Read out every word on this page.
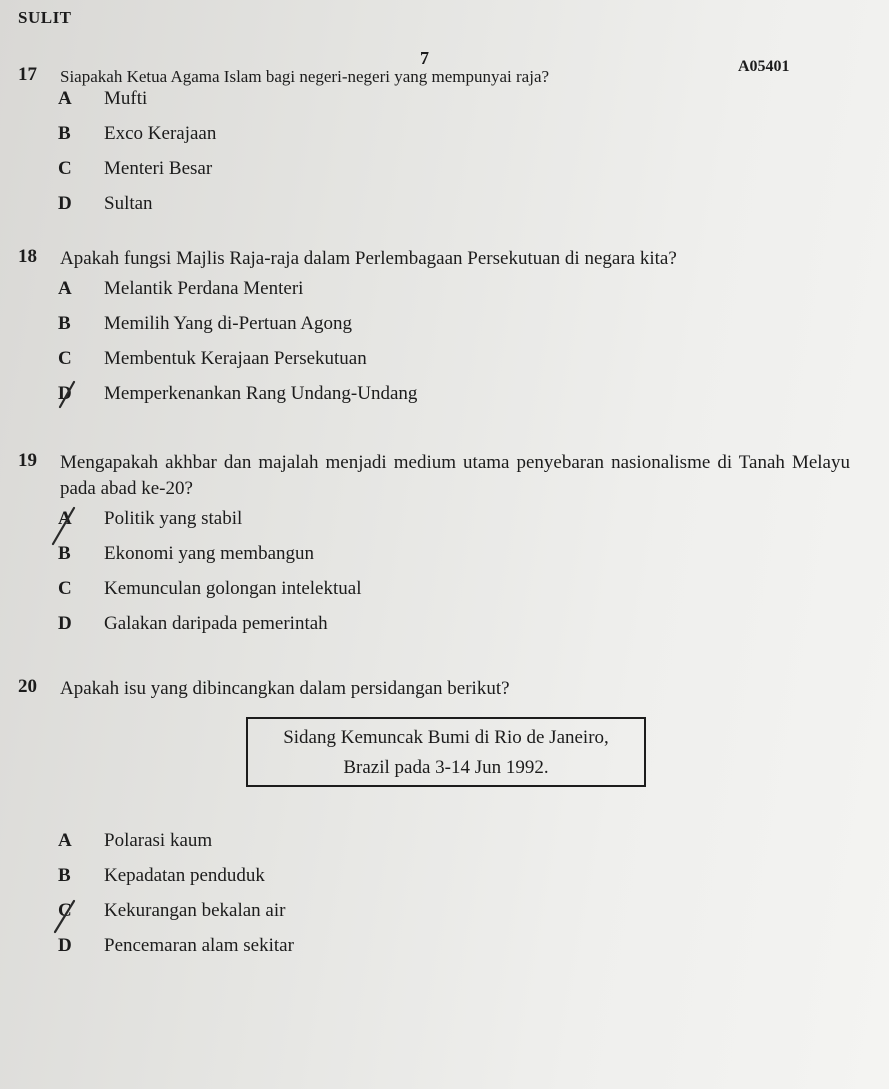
SULIT
7	A05401
17 Siapakah Ketua Agama Islam bagi negeri-negeri yang mempunyai raja?
A	Mufti
B	Exco Kerajaan
C	Menteri Besar
D	Sultan
18 Apakah fungsi Majlis Raja-raja dalam Perlembagaan Persekutuan di negara kita?
A	Melantik Perdana Menteri
B	Memilih Yang di-Pertuan Agong
C	Membentuk Kerajaan Persekutuan
D	Memperkenankan Rang Undang-Undang
19 Mengapakah akhbar dan majalah menjadi medium utama penyebaran nasionalisme di Tanah Melayu pada abad ke-20?
A	Politik yang stabil
B	Ekonomi yang membangun
C	Kemunculan golongan intelektual
D	Galakan daripada pemerintah
20 Apakah isu yang dibincangkan dalam persidangan berikut?
Sidang Kemuncak Bumi di Rio de Janeiro,
Brazil pada 3-14 Jun 1992.
A	Polarasi kaum
B	Kepadatan penduduk
C	Kekurangan bekalan air
D	Pencemaran alam sekitar
